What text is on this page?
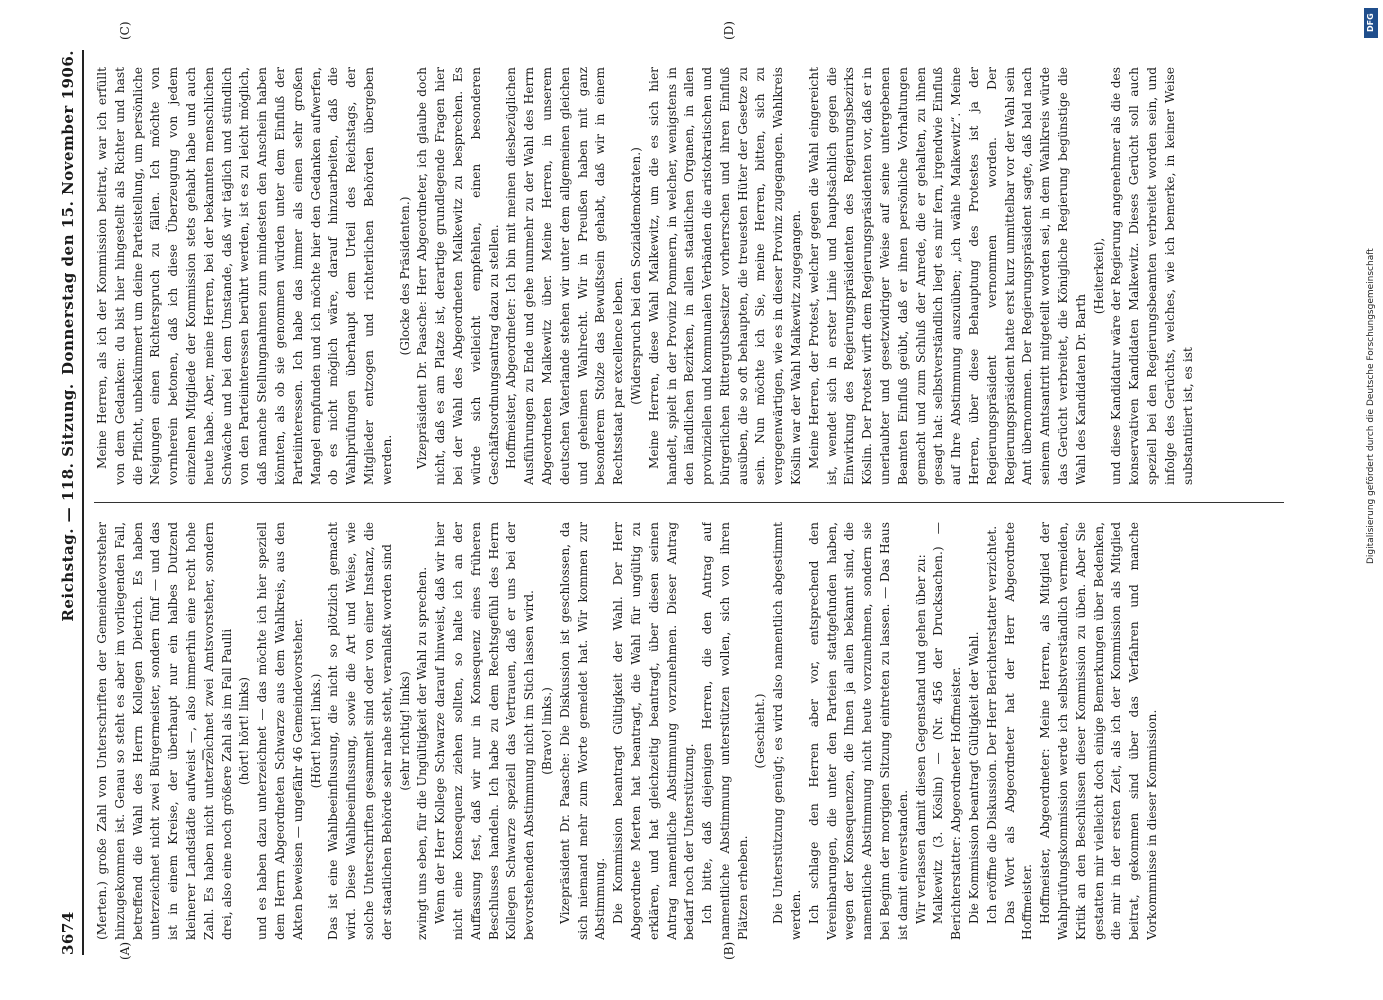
3674
Reichstag. — 118. Sitzung.
Donnerstag den 15. November 1906.
(A)	(B)
(C)	(D)

(Merten.) große Zahl von Unterschriften der Gemeindevorsteher hinzugekommen ist. Genau so steht es aber im vorliegenden Fall, betreffend die Wahl des Herrn Kollegen Dietrich. Es haben unterzeichnet nicht zwei Bürgermeister, sondern fünf — und das ist in einem Kreise, der überhaupt nur ein halbes Dutzend kleinerer Landstädte aufweist —, also immerhin eine recht hohe Zahl. Es haben nicht unterzeichnet zwei Amtsvorsteher, sondern drei, also eine noch größere Zahl als im Fall Paulli (hört! hört! links) und es haben dazu unterzeichnet — das möchte ich hier speziell dem Herrn Abgeordneten Schwarze aus dem Wahlkreis, aus den Akten beweisen — ungefähr 46 Gemeindevorsteher. (Hört! hört! links.) Das ist eine Wahlbeeinflussung, die nicht so plötzlich gemacht wird. Diese Wahlbeeinflussung, sowie die Art und Weise, wie solche Unterschriften gesammelt sind oder von einer Instanz, die der staatlichen Behörde sehr nahe steht, veranlaßt worden sind (sehr richtig! links) zwingt uns eben, für die Ungültigkeit der Wahl zu sprechen. Wenn der Herr Kollege Schwarze darauf hinweist, daß wir hier nicht eine Konsequenz ziehen sollten, so halte ich an der Auffassung fest, daß wir nur in Konsequenz eines früheren Beschlusses handeln. Ich habe zu dem Rechtsgefühl des Herrn Kollegen Schwarze speziell das Vertrauen, daß er uns bei der bevorstehenden Abstimmung nicht im Stich lassen wird. (Bravo! links.) Vizepräsident Dr. Paasche: Die Diskussion ist geschlossen, da sich niemand mehr zum Worte gemeldet hat. Wir kommen zur Abstimmung. Die Kommission beantragt Gültigkeit der Wahl. Der Herr Abgeordnete Merten hat beantragt, die Wahl für ungültig zu erklären, und hat gleichzeitig beantragt, über diesen seinen Antrag namentliche Abstimmung vorzunehmen. Dieser Antrag bedarf noch der Unterstützung. Ich bitte, daß diejenigen Herren, die den Antrag auf namentliche Abstimmung unterstützen wollen, sich von ihren Plätzen erheben.

(Geschieht.) Die Unterstützung genügt; es wird also namentlich abgestimmt werden. Ich schlage den Herren aber vor, entsprechend den Vereinbarungen, die unter den Parteien stattgefunden haben, wegen der Konsequenzen, die Ihnen ja allen bekannt sind, die namentliche Abstimmung nicht heute vorzunehmen, sondern sie bei Beginn der morgigen Sitzung eintreten zu lassen. — Das Haus ist damit einverstanden. Wir verlassen damit diesen Gegenstand und gehen über zu: Malkewitz (3. Köslin) — (Nr. 456 der Drucksachen.) — Berichterstatter: Abgeordneter Hoffmeister. Die Kommission beantragt Gültigkeit der Wahl. Ich eröffne die Diskussion. Der Herr Berichterstatter verzichtet. Das Wort als Abgeordneter hat der Herr Abgeordnete Hoffmeister. Hoffmeister, Abgeordneter: Meine Herren, als Mitglied der Wahlprüfungskommission werde ich selbstverständlich vermeiden, Kritik an den Beschlüssen dieser Kommission zu üben. Aber Sie gestatten mir vielleicht doch einige Bemerkungen über Bedenken, die mir in der ersten Zeit, als ich der Kommission als Mitglied beitrat, gekommen sind über das Verfahren und manche Vorkommnisse in dieser Kommission.

Meine Herren, als ich der Kommission beitrat, war ich erfüllt von dem Gedanken: du bist hier hingestellt als Richter und hast die Pflicht, unbekümmert um deine Parteistellung, um persönliche Neigungen einen Richterspruch zu fällen. Ich möchte von vornherein betonen, daß ich diese Überzeugung von jedem einzelnen Mitgliede der Kommission stets gehabt habe und auch heute habe. Aber, meine Herren, bei der bekannten menschlichen Schwäche und bei dem Umstande, daß wir täglich und stündlich von den Parteiinteressen berührt werden, ist es zu leicht möglich, daß manche Stellungnahmen zum mindesten den Anschein haben könnten, als ob sie genommen würden unter dem Einfluß der Parteiinteressen. Ich habe das immer als einen sehr großen Mangel empfunden und ich möchte hier den Gedanken aufwerfen, ob es nicht möglich wäre, darauf hinzuarbeiten, daß die Wahlprüfungen überhaupt dem Urteil des Reichstags, der Mitglieder entzogen und richterlichen Behörden übergeben werden.

(Glocke des Präsidenten.) Vizepräsident Dr. Paasche: Herr Abgeordneter, ich glaube doch nicht, daß es am Platze ist, derartige grundlegende Fragen hier bei der Wahl des Abgeordneten Malkewitz zu besprechen. Es würde sich vielleicht empfehlen, einen besonderen Geschäftsordnungsantrag dazu zu stellen. Hoffmeister, Abgeordneter: Ich bin mit meinen diesbezüglichen Ausführungen zu Ende und gehe nunmehr zu der Wahl des Herrn Abgeordneten Malkewitz über. Meine Herren, in unserem deutschen Vaterlande stehen wir unter dem allgemeinen gleichen und geheimen Wahlrecht. Wir in Preußen haben mit ganz besonderem Stolze das Bewußtsein gehabt, daß wir in einem Rechtsstaat par excellence leben. (Widerspruch bei den Sozialdemokraten.) Meine Herren, diese Wahl Malkewitz, um die es sich hier handelt, spielt in der Provinz Pommern, in welcher, wenigstens in den ländlichen Bezirken, in allen staatlichen Organen, in allen provinziellen und kommunalen Verbänden die aristokratischen und bürgerlichen Rittergutsbesitzer vorherrschen und ihren Einfluß ausüben, die so oft behaupten, die treuesten Hüter der Gesetze zu sein. Nun möchte ich Sie, meine Herren, bitten, sich zu vergegenwärtigen, wie es in dieser Provinz zugegangen. Wahlkreis Köslin war der Wahl Malkewitz zugegangen. Meine Herren, der Protest, welcher gegen die Wahl eingereicht ist, wendet sich in erster Linie und hauptsächlich gegen die Einwirkung des Regierungspräsidenten des Regierungsbezirks Köslin. Der Protest wirft dem Regierungspräsidenten vor, daß er in unerlaubter und gesetzwidriger Weise auf seine untergebenen Beamten Einfluß geübt, daß er ihnen persönliche Vorhaltungen gemacht und zum Schluß der Anrede, die er gehalten, zu ihnen gesagt hat: selbstverständlich liegt es mir fern, irgendwie Einfluß auf Ihre Abstimmung auszuüben; „ich wähle Malkewitz“. Meine Herren, über diese Behauptung des Protestes ist ja der Regierungspräsident vernommen worden. Der Regierungspräsident hatte erst kurz unmittelbar vor der Wahl sein Amt übernommen. Der Regierungspräsident sagte, daß bald nach seinem Amtsantritt mitgeteilt worden sei, in dem Wahlkreis würde das Gerücht verbreitet, die Königliche Regierung begünstige die Wahl des Kandidaten Dr. Barth

(Heiterkeit), und diese Kandidatur wäre der Regierung angenehmer als die des konservativen Kandidaten Malkewitz. Dieses Gerücht soll auch speziell bei den Regierungsbeamten verbreitet worden sein, und infolge des Gerüchts, welches, wie ich bemerke, in keiner Weise substantiiert ist, es ist

DFG
Digitalisierung gefördert durch die Deutsche Forschungsgemeinschaft
